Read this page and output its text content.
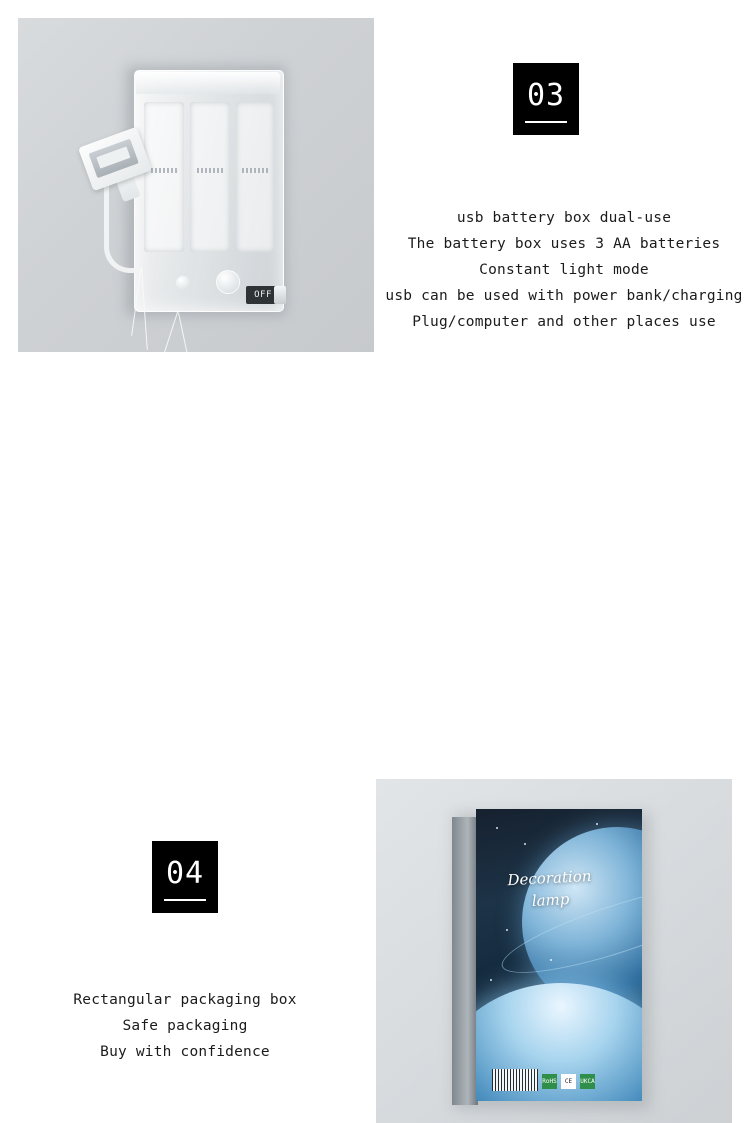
OFF
03
usb battery box dual-use
The battery box uses 3 AA batteries
Constant light mode
usb can be used with power bank/charging
Plug/computer and other places use
04
Rectangular packaging box
Safe packaging
Buy with confidence
Decoration
lamp
RoHS	CE	UKCA
